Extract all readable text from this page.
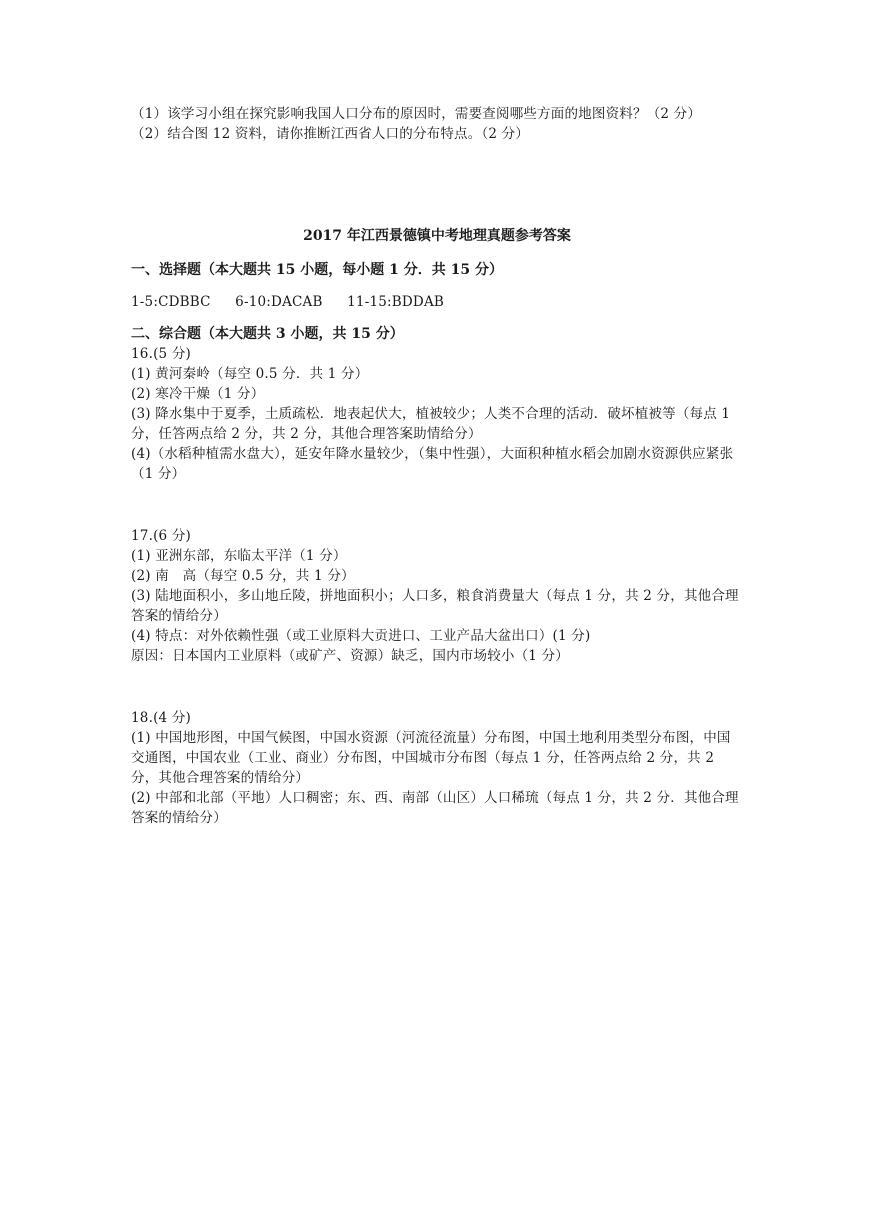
（1）该学习小组在探究影响我国人口分布的原因时，需要查阅哪些方面的地图资料？（2 分）
（2）结合图 12 资料，请你推断江西省人口的分布特点。（2 分）
2017 年江西景德镇中考地理真题参考答案
一、选择题（本大题共 15 小题，每小题 1 分．共 15 分）
1-5:CDBBC 6-10:DACAB 11-15:BDDAB
二、综合题（本大题共 3 小题，共 15 分）
16.(5 分)
(1) 黄河秦岭（每空 0.5 分．共 1 分）
(2) 寒冷干燥（1 分）
(3) 降水集中于夏季，土质疏松．地表起伏大，植被较少；人类不合理的活动．破坏植被等（每点 1 分，任答两点给 2 分，共 2 分，其他合理答案助情给分）
(4)（水稻种植需水盘大），延安年降水量较少，（集中性强），大面积种植水稻会加剧水资源供应紧张（1 分）
17.(6 分)
(1) 亚洲东部，东临太平洋（1 分）
(2) 南　高（每空 0.5 分，共 1 分）
(3) 陆地面积小，多山地丘陵，拼地面积小；人口多，粮食消费量大（每点 1 分，共 2 分，其他合理答案的情给分）
(4) 特点：对外依赖性强（或工业原料大贡进口、工业产品大盆出口）(1 分)
原因：日本国内工业原料（或矿产、资源）缺乏，国内市场较小（1 分）
18.(4 分)
(1) 中国地形图，中国气候图，中国水资源（河流径流量）分布图，中国土地利用类型分布图，中国交通图，中国农业（工业、商业）分布图，中国城市分布图（每点 1 分，任答两点给 2 分，共 2 分，其他合理答案的情给分）
(2) 中部和北部（平地）人口稠密；东、西、南部（山区）人口稀琉（每点 1 分，共 2 分．其他合理答案的情给分）
